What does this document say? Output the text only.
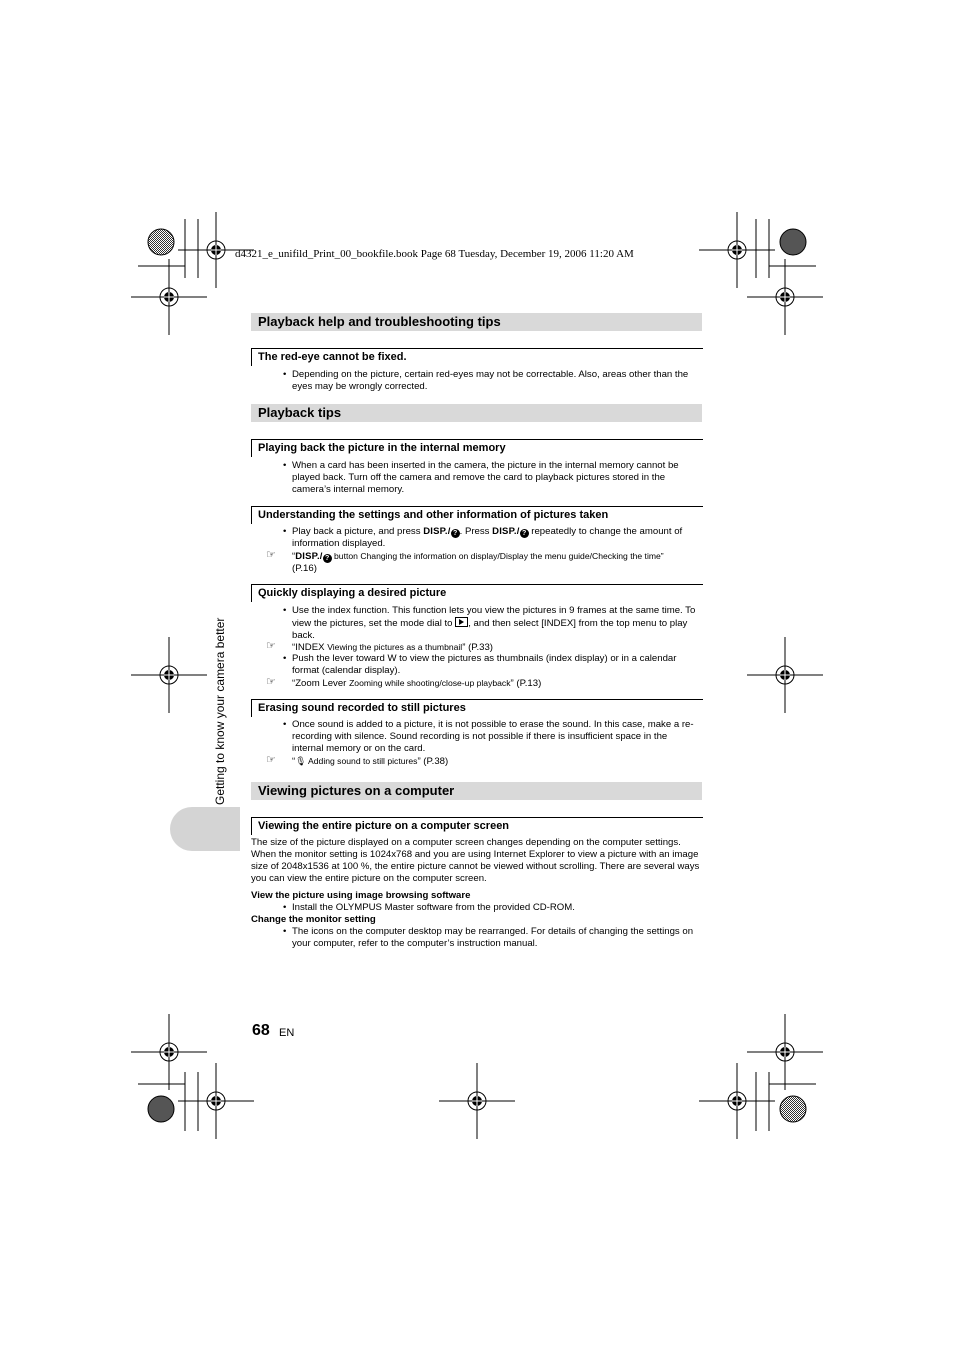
d4321_e_unifild_Print_00_bookfile.book Page 68 Tuesday, December 19, 2006 11:20 AM
Getting to know your camera better
Playback help and troubleshooting tips
The red-eye cannot be fixed.
• Depending on the picture, certain red-eyes may not be correctable. Also, areas other than the eyes may be wrongly corrected.
Playback tips
Playing back the picture in the internal memory
• When a card has been inserted in the camera, the picture in the internal memory cannot be played back. Turn off the camera and remove the card to playback pictures stored in the camera’s internal memory.
Understanding the settings and other information of pictures taken
• Play back a picture, and press DISP./ ? . Press DISP./ ? repeatedly to change the amount of information displayed.
☞ “DISP./ ? button Changing the information on display/Display the menu guide/Checking the time”
(P.16)
Quickly displaying a desired picture
• Use the index function. This function lets you view the pictures in 9 frames at the same time. To view the pictures, set the mode dial to , and then select [INDEX] from the top menu to play back.
☞ “INDEX Viewing the pictures as a thumbnail” (P.33)
• Push the lever toward W to view the pictures as thumbnails (index display) or in a calendar format (calendar display).
☞ “Zoom Lever Zooming while shooting/close-up playback” (P.13)
Erasing sound recorded to still pictures
• Once sound is added to a picture, it is not possible to erase the sound. In this case, make a re-recording with silence. Sound recording is not possible if there is insufficient space in the internal memory or on the card.
☞ “🎙 Adding sound to still pictures” (P.38)
Viewing pictures on a computer
Viewing the entire picture on a computer screen
The size of the picture displayed on a computer screen changes depending on the computer settings. When the monitor setting is 1024x768 and you are using Internet Explorer to view a picture with an image size of 2048x1536 at 100 %, the entire picture cannot be viewed without scrolling. There are several ways you can view the entire picture on the computer screen.
View the picture using image browsing software
• Install the OLYMPUS Master software from the provided CD-ROM.
Change the monitor setting
• The icons on the computer desktop may be rearranged. For details of changing the settings on your computer, refer to the computer’s instruction manual.
68 EN
